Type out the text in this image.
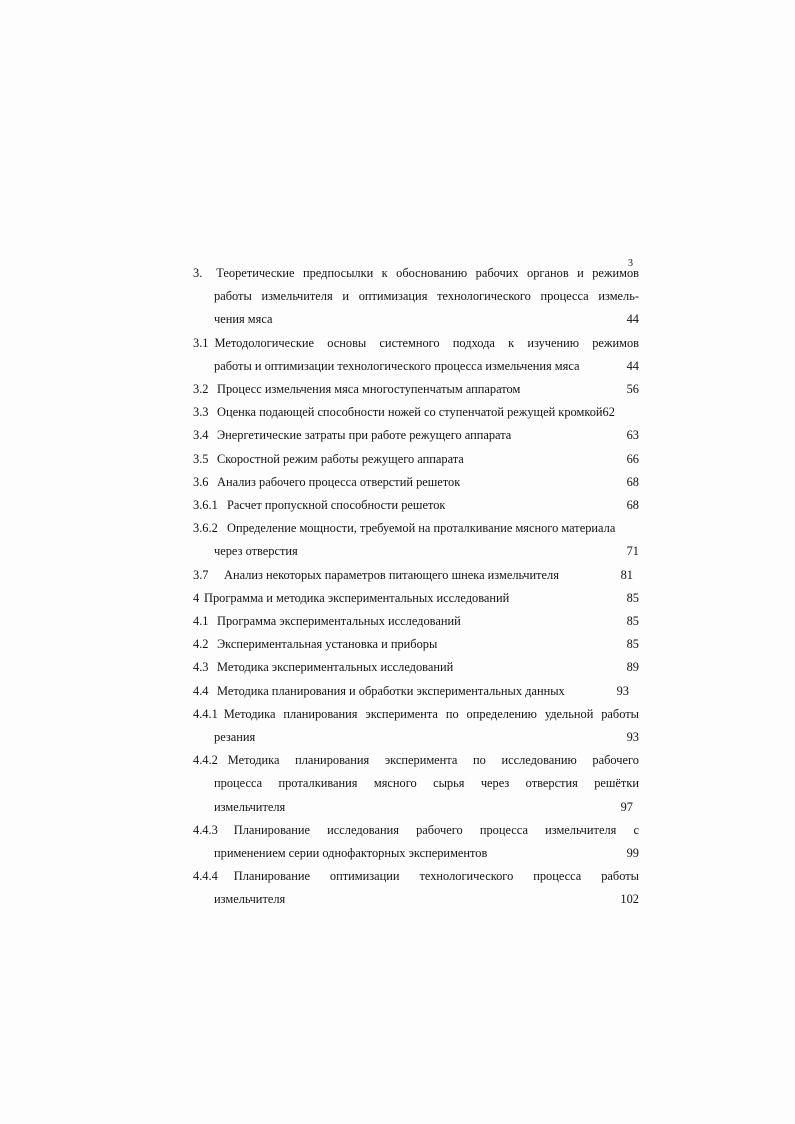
3
3. Теоретические предпосылки к обоснованию рабочих органов и режимов
работы измельчителя и оптимизация технологического процесса измель-
чения мяса .....	44
3.1 Методологические основы системного подхода к изучению режимов
работы и оптимизации технологического процесса измельчения мяса .....	44
3.2 Процесс измельчения мяса многоступенчатым аппаратом .....	56
3.3 Оценка подающей способности ножей со ступенчатой режущей кромкой 62
3.4 Энергетические затраты при работе режущего аппарата .....	63
3.5 Скоростной режим работы режущего аппарата .....	66
3.6 Анализ рабочего процесса отверстий решеток .....	68
3.6.1 Расчет пропускной способности решеток .....	68
3.6.2 Определение мощности, требуемой на проталкивание мясного материала
через отверстия .....	71
3.7	Анализ некоторых параметров питающего шнека измельчителя .....	81
4 Программа и методика экспериментальных исследований .....	85
4.1 Программа экспериментальных исследований .....	85
4.2 Экспериментальная установка и приборы .....	85
4.3 Методика экспериментальных исследований .....	89
4.4 Методика планирования и обработки экспериментальных данных .....	93
4.4.1 Методика планирования эксперимента по определению удельной работы
резания .....	93
4.4.2 Методика планирования эксперимента по исследованию рабочего
процесса проталкивания мясного сырья через отверстия решётки
измельчителя .....	97
4.4.3 Планирование исследования рабочего процесса измельчителя с
применением серии однофакторных экспериментов .....	99
4.4.4 Планирование оптимизации технологического процесса работы
измельчителя .....	102
